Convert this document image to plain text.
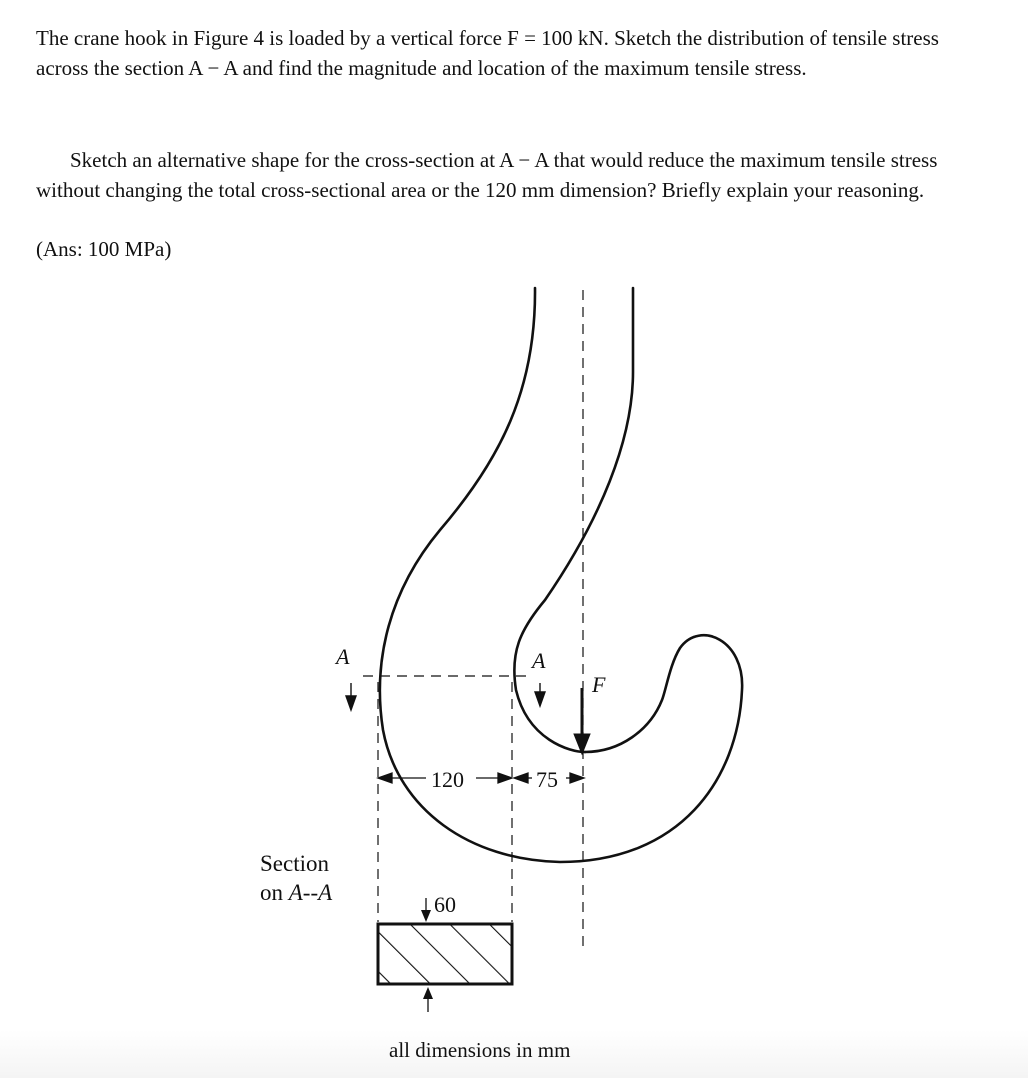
The crane hook in Figure 4 is loaded by a vertical force F = 100 kN. Sketch the distribution of tensile stress across the section A − A and find the magnitude and location of the maximum tensile stress.

Sketch an alternative shape for the cross-section at A − A that would reduce the maximum tensile stress without changing the total cross-sectional area or the 120 mm dimension? Briefly explain your reasoning.

(Ans: 100 MPa)

A	A
F
120	75
60
Section
on A--A
all dimensions in mm
